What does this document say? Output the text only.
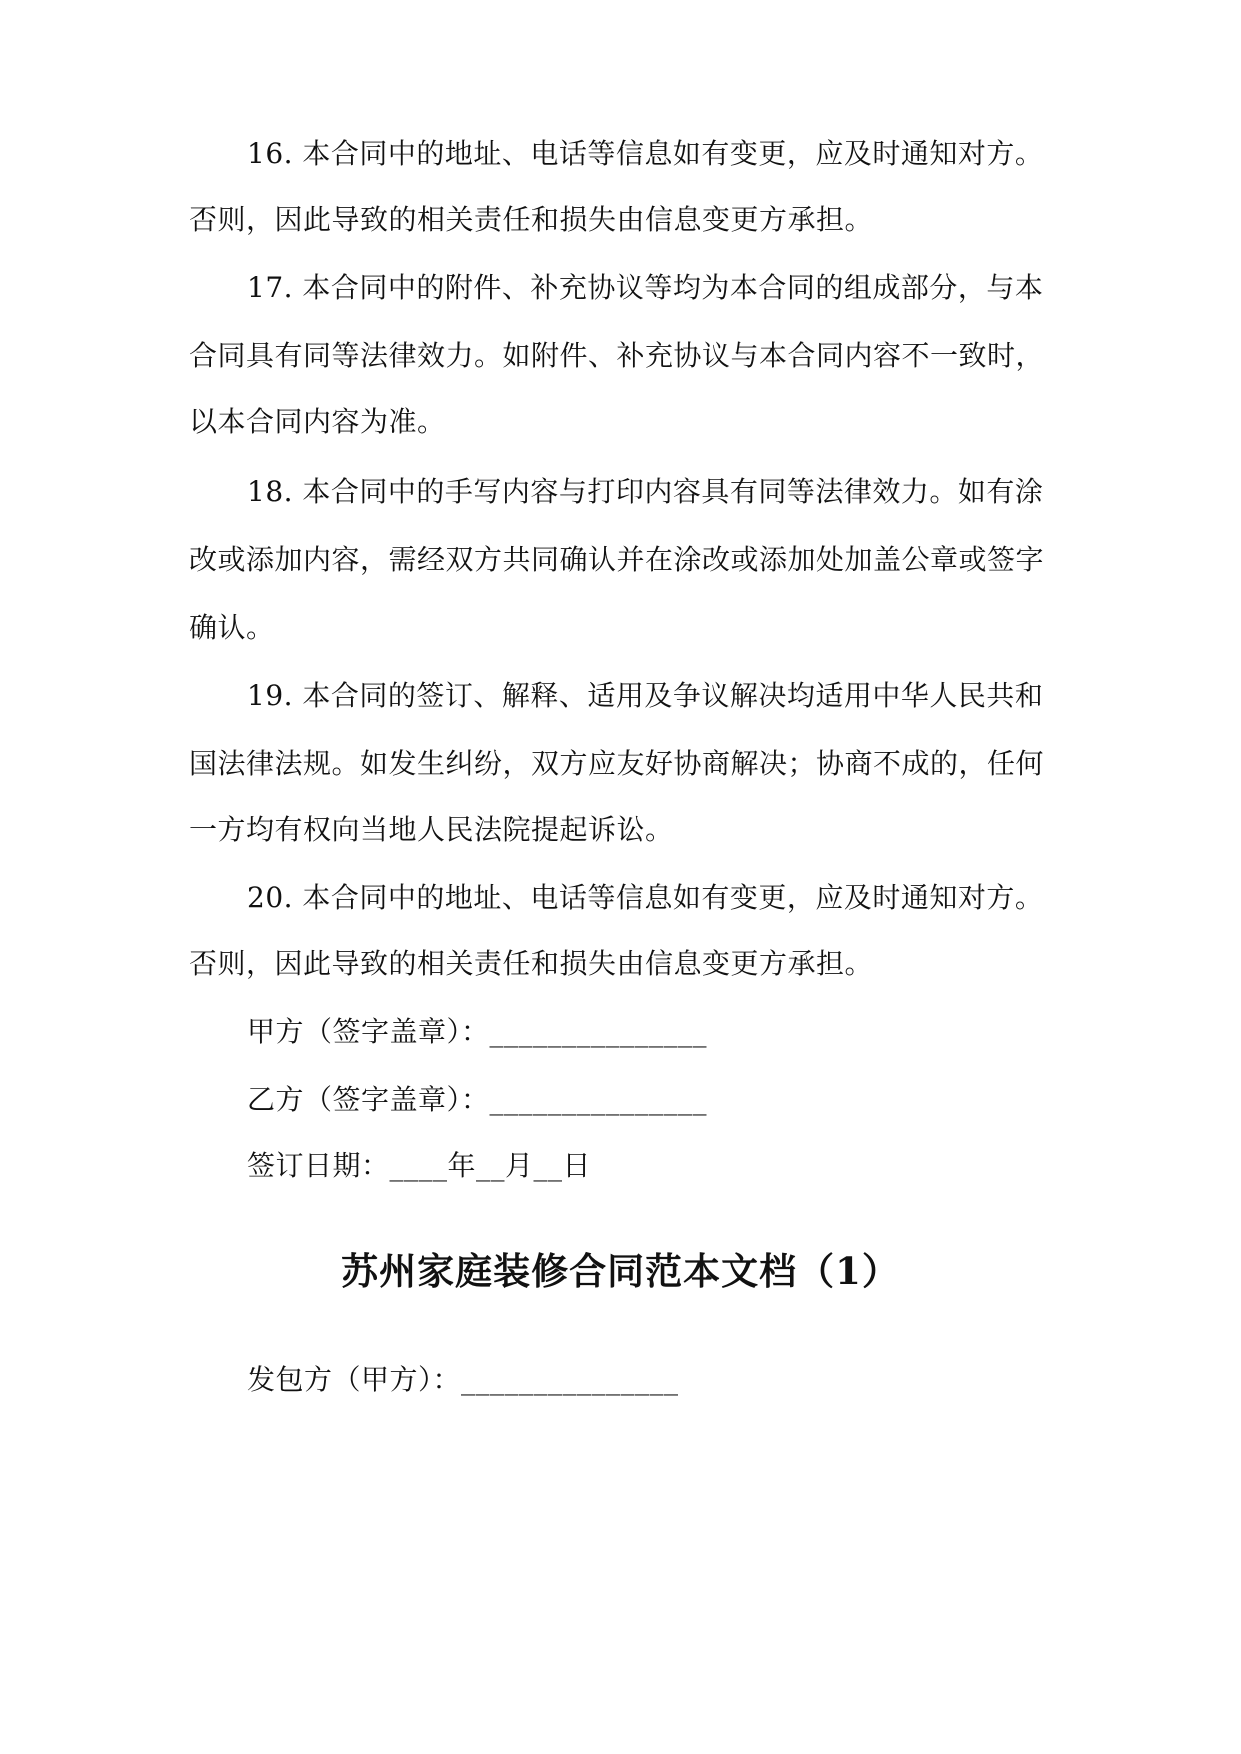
16. 本合同中的地址、电话等信息如有变更，应及时通知对方。
否则，因此导致的相关责任和损失由信息变更方承担。
17. 本合同中的附件、补充协议等均为本合同的组成部分，与本
合同具有同等法律效力。如附件、补充协议与本合同内容不一致时，
以本合同内容为准。
18. 本合同中的手写内容与打印内容具有同等法律效力。如有涂
改或添加内容，需经双方共同确认并在涂改或添加处加盖公章或签字
确认。
19. 本合同的签订、解释、适用及争议解决均适用中华人民共和
国法律法规。如发生纠纷，双方应友好协商解决；协商不成的，任何
一方均有权向当地人民法院提起诉讼。
20. 本合同中的地址、电话等信息如有变更，应及时通知对方。
否则，因此导致的相关责任和损失由信息变更方承担。
甲方（签字盖章）：_______________
乙方（签字盖章）：_______________
签订日期：____年__月__日
苏州家庭装修合同范本文档（1）
发包方（甲方）：_______________
